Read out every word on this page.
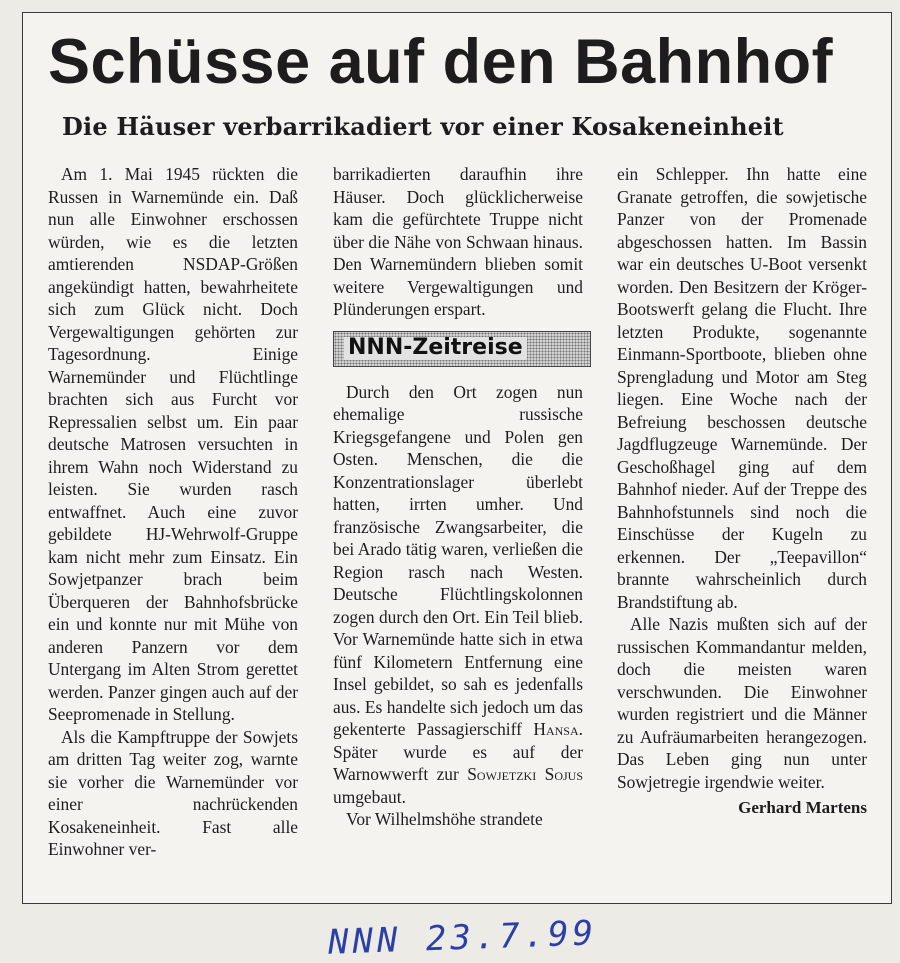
Schüsse auf den Bahnhof
Die Häuser verbarrikadiert vor einer Kosakeneinheit

Am 1. Mai 1945 rückten die Russen in Warnemünde ein. Daß nun alle Einwohner erschossen würden, wie es die letzten amtierenden NSDAP-Größen angekündigt hatten, bewahrheitete sich zum Glück nicht. Doch Vergewaltigungen gehörten zur Tagesordnung. Einige Warnemünder und Flüchtlinge brachten sich aus Furcht vor Repressalien selbst um. Ein paar deutsche Matrosen versuchten in ihrem Wahn noch Widerstand zu leisten. Sie wurden rasch entwaffnet. Auch eine zuvor gebildete HJ-Wehrwolf-Gruppe kam nicht mehr zum Einsatz. Ein Sowjetpanzer brach beim Überqueren der Bahnhofsbrücke ein und konnte nur mit Mühe von anderen Panzern vor dem Untergang im Alten Strom gerettet werden. Panzer gingen auch auf der Seepromenade in Stellung.

Als die Kampftruppe der Sowjets am dritten Tag weiter zog, warnte sie vorher die Warnemünder vor einer nachrückenden Kosakeneinheit. Fast alle Einwohner ver-

barrikadierten daraufhin ihre Häuser. Doch glücklicherweise kam die gefürchtete Truppe nicht über die Nähe von Schwaan hinaus. Den Warnemündern blieben somit weitere Vergewaltigungen und Plünderungen erspart.

NNN-Zeitreise

Durch den Ort zogen nun ehemalige russische Kriegsgefangene und Polen gen Osten. Menschen, die die Konzentrationslager überlebt hatten, irrten umher. Und französische Zwangsarbeiter, die bei Arado tätig waren, verließen die Region rasch nach Westen. Deutsche Flüchtlingskolonnen zogen durch den Ort. Ein Teil blieb. Vor Warnemünde hatte sich in etwa fünf Kilometern Entfernung eine Insel gebildet, so sah es jedenfalls aus. Es handelte sich jedoch um das gekenterte Passagierschiff Hansa. Später wurde es auf der Warnowwerft zur Sowjetzki Sojus umgebaut.

Vor Wilhelmshöhe strandete

ein Schlepper. Ihn hatte eine Granate getroffen, die sowjetische Panzer von der Promenade abgeschossen hatten. Im Bassin war ein deutsches U-Boot versenkt worden. Den Besitzern der Kröger-Bootswerft gelang die Flucht. Ihre letzten Produkte, sogenannte Einmann-Sportboote, blieben ohne Sprengladung und Motor am Steg liegen. Eine Woche nach der Befreiung beschossen deutsche Jagdflugzeuge Warnemünde. Der Geschoßhagel ging auf dem Bahnhof nieder. Auf der Treppe des Bahnhofstunnels sind noch die Einschüsse der Kugeln zu erkennen. Der „Teepavillon“ brannte wahrscheinlich durch Brandstiftung ab.

Alle Nazis mußten sich auf der russischen Kommandantur melden, doch die meisten waren verschwunden. Die Einwohner wurden registriert und die Männer zu Aufräumarbeiten herangezogen. Das Leben ging nun unter Sowjetregie irgendwie weiter.

Gerhard Martens
NNN 23.7.99
